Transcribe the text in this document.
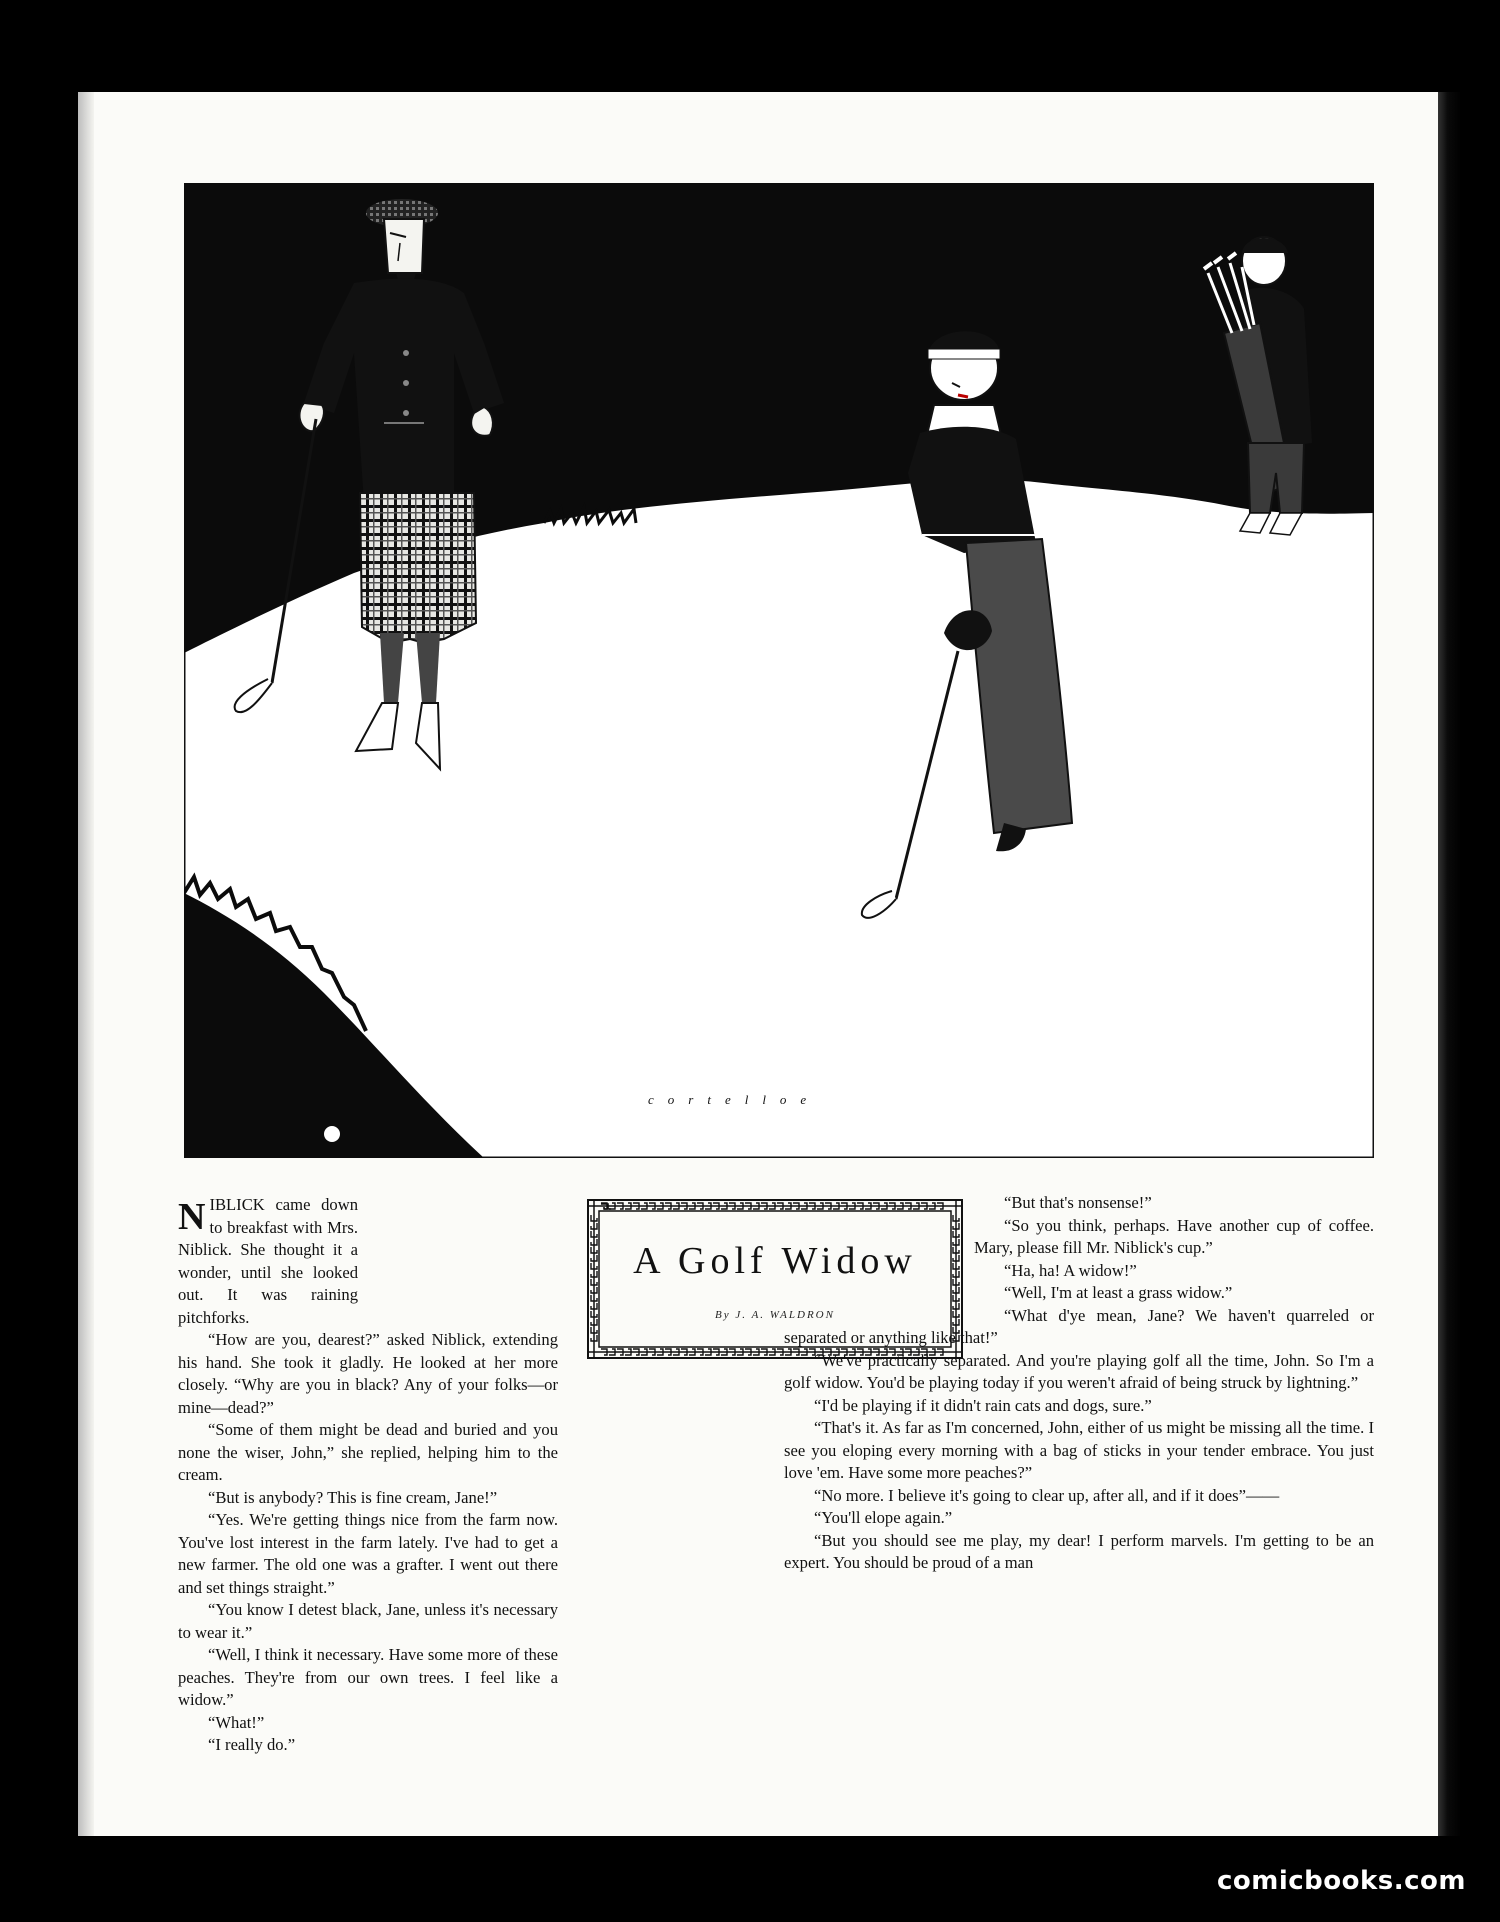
cortelloe
A Golf Widow
By J. A. WALDRON

NIBLICK came down to breakfast with Mrs. Niblick. She thought it a wonder, until she looked out. It was raining pitchforks.

“How are you, dearest?” asked Niblick, extending his hand. She took it gladly. He looked at her more closely. “Why are you in black? Any of your folks—or mine—dead?”

“Some of them might be dead and buried and you none the wiser, John,” she replied, helping him to the cream.

“But is anybody? This is fine cream, Jane!”

“Yes. We're getting things nice from the farm now. You've lost interest in the farm lately. I've had to get a new farmer. The old one was a grafter. I went out there and set things straight.”

“You know I detest black, Jane, unless it's necessary to wear it.”

“Well, I think it necessary. Have some more of these peaches. They're from our own trees. I feel like a widow.”

“What!”

“I really do.”

“But that's nonsense!”

“So you think, perhaps. Have another cup of coffee. Mary, please fill Mr. Niblick's cup.”

“Ha, ha! A widow!”

“Well, I'm at least a grass widow.”

“What d'ye mean, Jane? We haven't quarreled or separated or anything like that!”

“We've practically separated. And you're playing golf all the time, John. So I'm a golf widow. You'd be playing today if you weren't afraid of being struck by lightning.”

“I'd be playing if it didn't rain cats and dogs, sure.”

“That's it. As far as I'm concerned, John, either of us might be missing all the time. I see you eloping every morning with a bag of sticks in your tender embrace. You just love 'em. Have some more peaches?”

“No more. I believe it's going to clear up, after all, and if it does”——

“You'll elope again.”

“But you should see me play, my dear! I perform marvels. I'm getting to be an expert. You should be proud of a man

comicbooks.com
